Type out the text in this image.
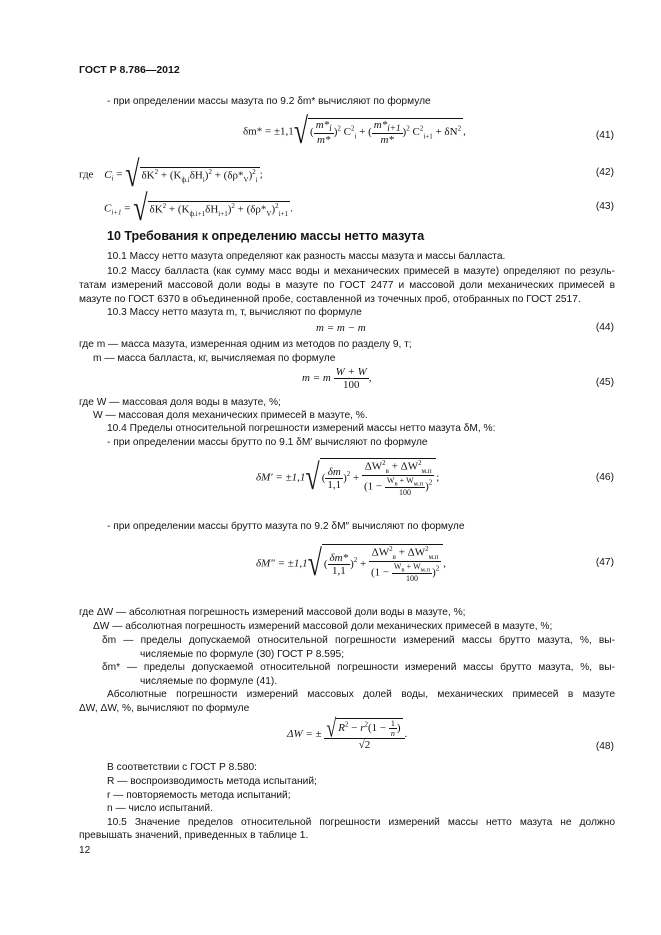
ГОСТ Р 8.786—2012
- при определении массы мазута по 9.2 δm* вычисляют по формуле
δm* = ±1,1√ ( $\frac{m*_i}{m*} )^2$ $C^2_i$ + ( $\frac{m*_{i+1}}{m*} )^2$ $C^2_{i+1} + \delta N^2$ ,	(41)
где $C_i$ = √ $\delta K^2 + (K_{ф.i}\delta H_i)^2 + (\delta\rho*_V)^2_i$ ;	(42)
$C_{i+1}$ = √ $\delta K^2 + (K_{ф.i+1}\delta H_{i+1})^2 + (\delta\rho*_V)^2_{i+1}$ .	(43)
10 Требования к определению массы нетто мазута
10.1 Массу нетто мазута определяют как разность массы мазута и массы балласта.
10.2 Массу балласта (как сумму масс воды и механических примесей в мазуте) определяют по резуль-
татам измерений массовой доли воды в мазуте по ГОСТ 2477 и массовой доли механических примесей в
мазуте по ГОСТ 6370 в объединенной пробе, составленной из точечных проб, отобранных по ГОСТ 2517.
10.3 Массу нетто мазута m, т, вычисляют по формуле
m = m − m	(44)
где m — масса мазута, измеренная одним из методов по разделу 9, т;
m — масса балласта, кг, вычисляемая по формуле
m = m $\frac{W + W}{100}$ ,	(45)
где W — массовая доля воды в мазуте, %;
W — массовая доля механических примесей в мазуте, %.
10.4 Пределы относительной погрешности измерений массы нетто мазута δM, %:
- при определении массы брутто по 9.1 δM′ вычисляют по формуле
δM′ = ±1,1√ ( $\frac{\delta m}{1,1} )^2 + \frac{\Delta W^2_в + \Delta W^2_{м.п}}{(1 - \frac{W_в + W_{м.п}}{100} )^2}$ ;	(46)
- при определении массы брутто мазута по 9.2 δM″ вычисляют по формуле
δM″ = ±1,1√ ( $\frac{\delta m*}{1,1} )^2 + \frac{\Delta W^2_в + \Delta W^2_{м.п}}{(1 - \frac{W_в + W_{м.п}}{100} )^2}$ ,	(47)
где ΔW — абсолютная погрешность измерений массовой доли воды в мазуте, %;
ΔW — абсолютная погрешность измерений массовой доли механических примесей в мазуте, %;
δm — пределы допускаемой относительной погрешности измерений массы брутто мазута, %, вы-
числяемые по формуле (30) ГОСТ Р 8.595;
δm* — пределы допускаемой относительной погрешности измерений массы брутто мазута, %, вы-
числяемые по формуле (41).
Абсолютные погрешности измерений массовых долей воды, механических примесей в мазуте
ΔW, ΔW, %, вычисляют по формуле
ΔW = ± $\frac{√ R^2 - r^2(1 - \frac{1}{n} )}{√2}$ .
(48)
В соответствии с ГОСТ Р 8.580:
R — воспроизводимость метода испытаний;
r — повторяемость метода испытаний;
n — число испытаний.
10.5 Значение пределов относительной погрешности измерений массы нетто мазута не должно
превышать значений, приведенных в таблице 1.
12
